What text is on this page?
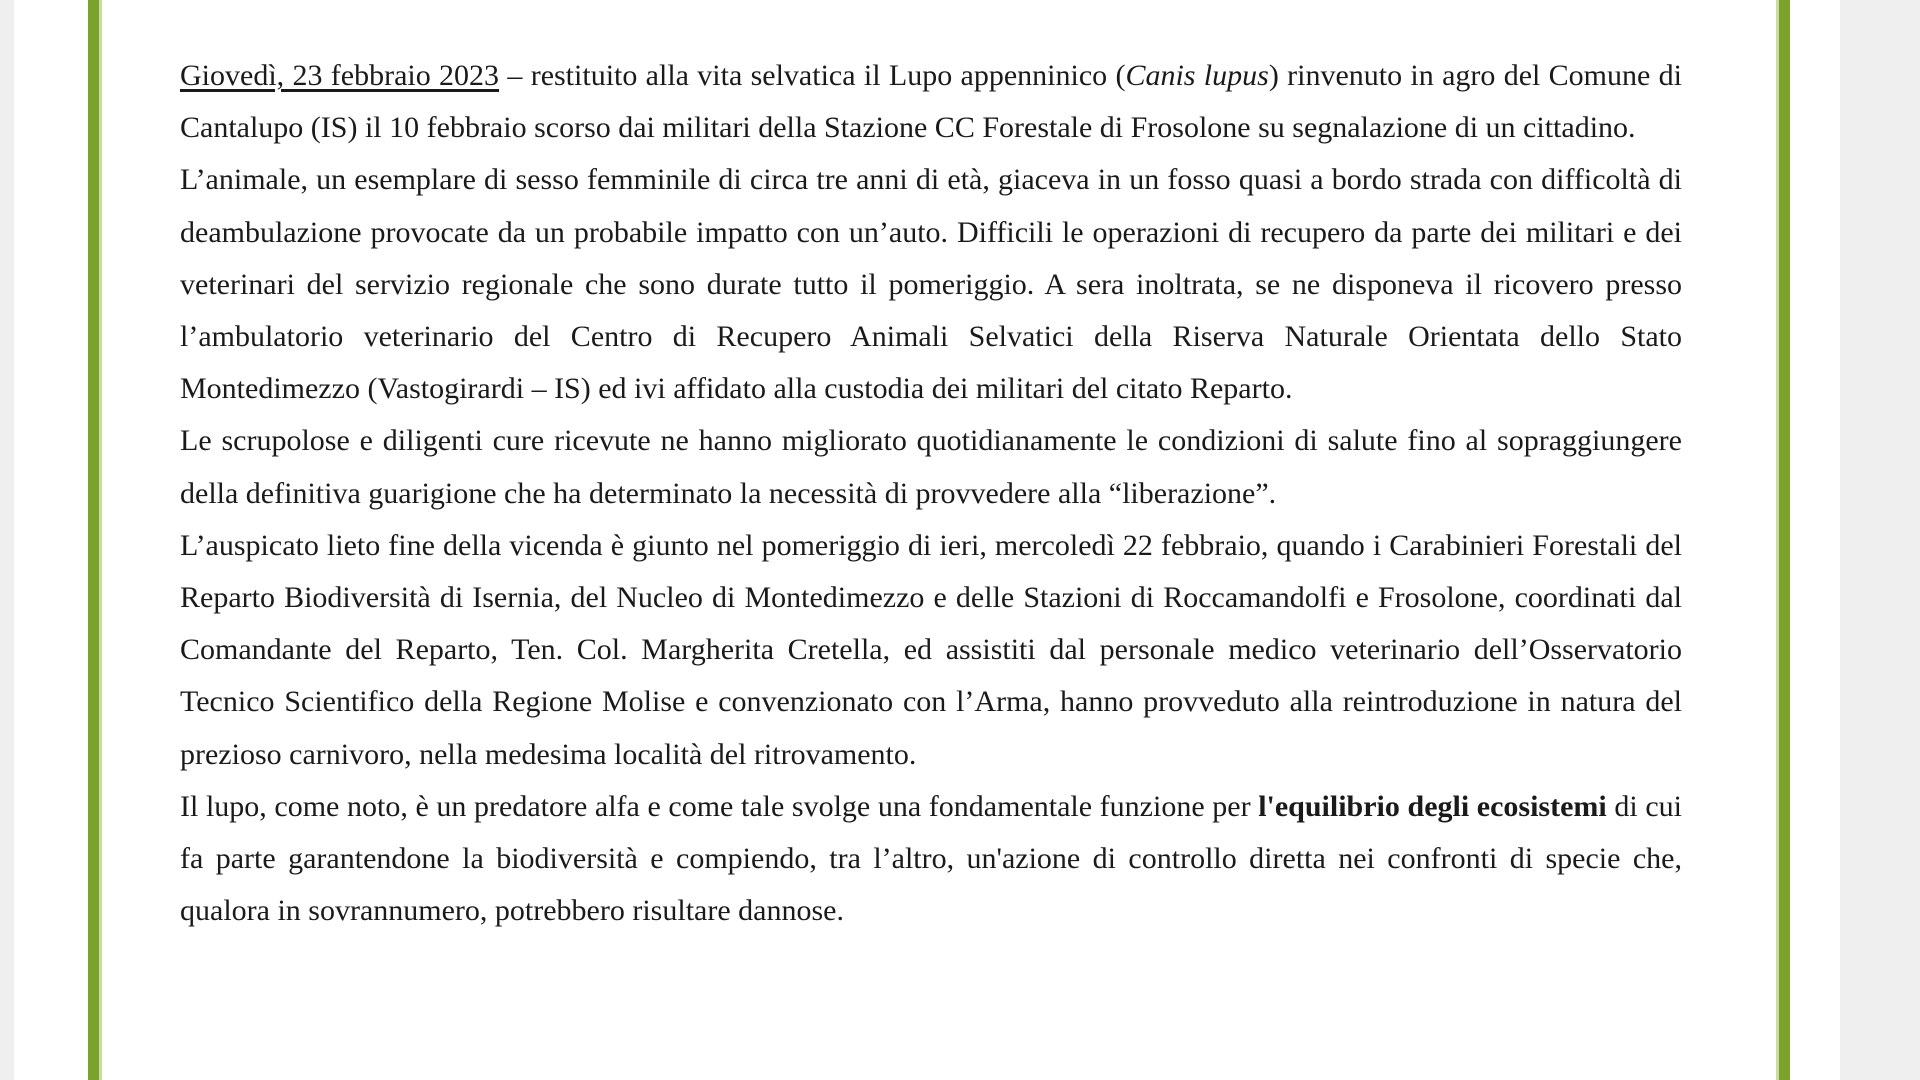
Giovedì, 23 febbraio 2023 – restituito alla vita selvatica il Lupo appenninico (Canis lupus) rinvenuto in agro del Comune di Cantalupo (IS) il 10 febbraio scorso dai militari della Stazione CC Forestale di Frosolone su segnalazione di un cittadino.

L’animale, un esemplare di sesso femminile di circa tre anni di età, giaceva in un fosso quasi a bordo strada con difficoltà di deambulazione provocate da un probabile impatto con un’auto. Difficili le operazioni di recupero da parte dei militari e dei veterinari del servizio regionale che sono durate tutto il pomeriggio. A sera inoltrata, se ne disponeva il ricovero presso l’ambulatorio veterinario del Centro di Recupero Animali Selvatici della Riserva Naturale Orientata dello Stato Montedimezzo (Vastogirardi – IS) ed ivi affidato alla custodia dei militari del citato Reparto.

Le scrupolose e diligenti cure ricevute ne hanno migliorato quotidianamente le condizioni di salute fino al sopraggiungere della definitiva guarigione che ha determinato la necessità di provvedere alla “liberazione”.

L’auspicato lieto fine della vicenda è giunto nel pomeriggio di ieri, mercoledì 22 febbraio, quando i Carabinieri Forestali del Reparto Biodiversità di Isernia, del Nucleo di Montedimezzo e delle Stazioni di Roccamandolfi e Frosolone, coordinati dal Comandante del Reparto, Ten. Col. Margherita Cretella, ed assistiti dal personale medico veterinario dell’Osservatorio Tecnico Scientifico della Regione Molise e convenzionato con l’Arma, hanno provveduto alla reintroduzione in natura del prezioso carnivoro, nella medesima località del ritrovamento.

Il lupo, come noto, è un predatore alfa e come tale svolge una fondamentale funzione per l'equilibrio degli ecosistemi di cui fa parte garantendone la biodiversità e compiendo, tra l’altro, un'azione di controllo diretta nei confronti di specie che, qualora in sovrannumero, potrebbero risultare dannose.
